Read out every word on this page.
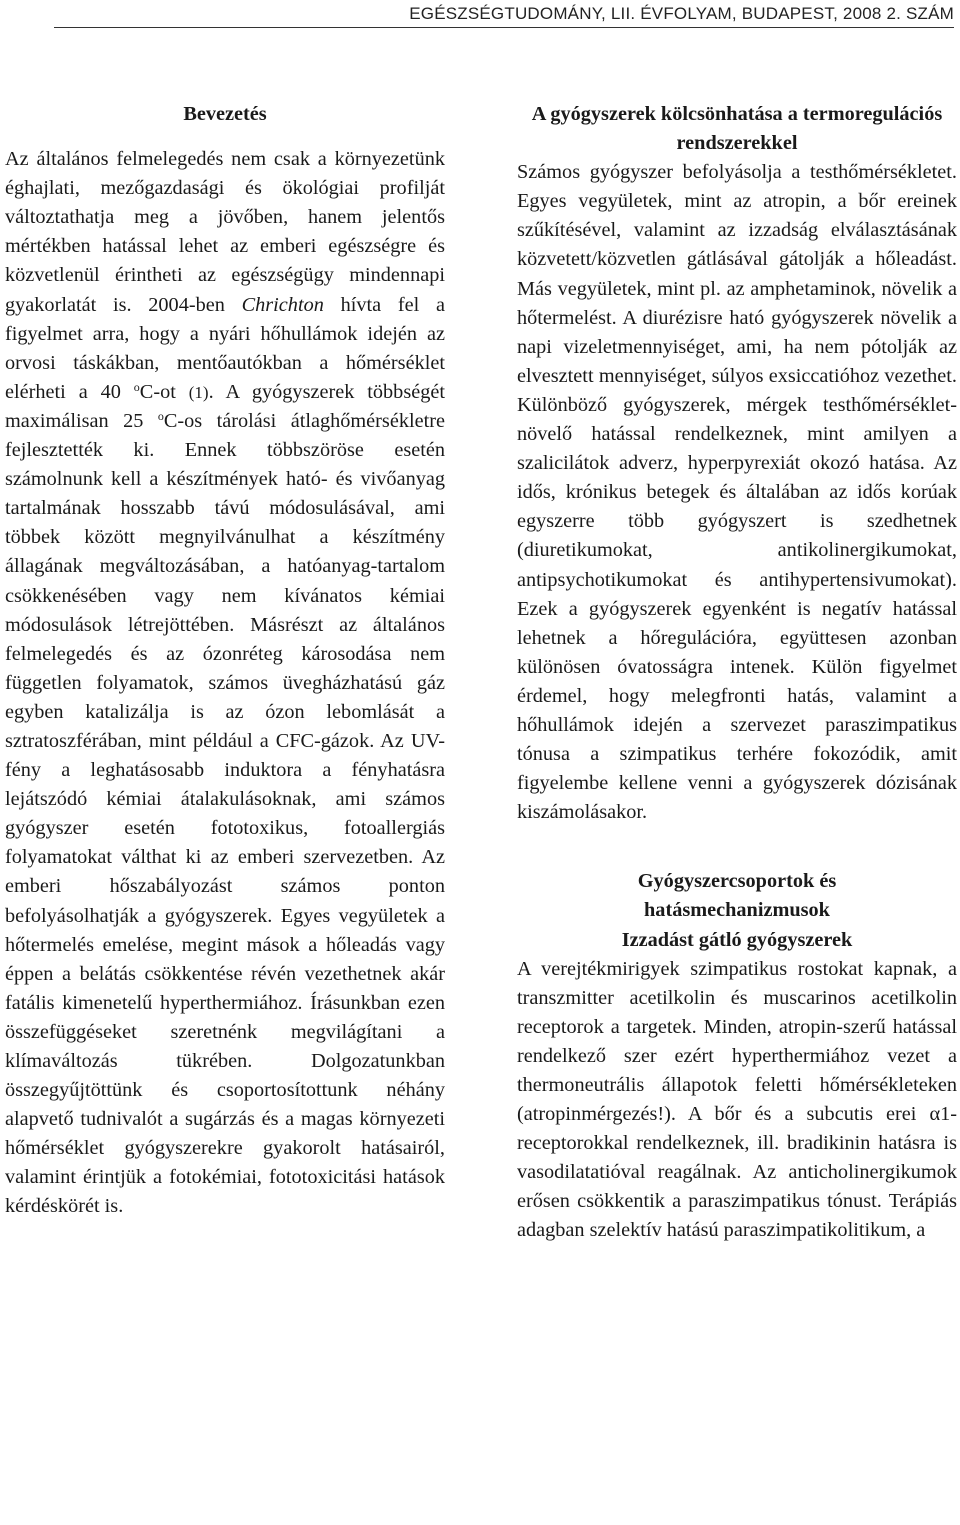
EGÉSZSÉGTUDOMÁNY, LII. ÉVFOLYAM, BUDAPEST, 2008 2. SZÁM
Bevezetés

Az általános felmelegedés nem csak a környezetünk éghajlati, mezőgazdasági és ökológiai profilját változtathatja meg a jövőben, hanem jelentős mértékben hatással lehet az emberi egészségre és közvetlenül érintheti az egészségügy mindennapi gyakorlatát is. 2004-ben Chrichton hívta fel a figyelmet arra, hogy a nyári hőhullámok idején az orvosi táskákban, mentőautókban a hőmérséklet elérheti a 40 $^o$C-ot (1). A gyógyszerek többségét maximálisan 25 $^o$C-os tárolási átlaghőmérsékletre fejlesztették ki. Ennek többszöröse esetén számolnunk kell a készítmények ható- és vivőanyag tartalmának hosszabb távú módosulásával, ami többek között megnyilvánulhat a készítmény állagának megváltozásában, a hatóanyag-tartalom csökkenésében vagy nem kívánatos kémiai módosulások létrejöttében. Másrészt az általános felmelegedés és az ózonréteg károsodása nem független folyamatok, számos üvegházhatású gáz egyben katalizálja is az ózon lebomlását a sztratoszférában, mint például a CFC-gázok. Az UV-fény a leghatásosabb induktora a fényhatásra lejátszódó kémiai átalakulásoknak, ami számos gyógyszer esetén fototoxikus, fotoallergiás folyamatokat válthat ki az emberi szervezetben. Az emberi hőszabályozást számos ponton befolyásolhatják a gyógyszerek. Egyes vegyületek a hőtermelés emelése, megint mások a hőleadás vagy éppen a belátás csökkentése révén vezethetnek akár fatális kimenetelű hyperthermiához. Írásunkban ezen összefüggéseket szeretnénk megvilágítani a klímaváltozás tükrében. Dolgozatunkban összegyűjtöttünk és csoportosítottunk néhány alapvető tudnivalót a sugárzás és a magas környezeti hőmérséklet gyógyszerekre gyakorolt hatásairól, valamint érintjük a fotokémiai, fototoxicitási hatások kérdéskörét is.

A gyógyszerek kölcsönhatása a termoregulációs rendszerekkel

Számos gyógyszer befolyásolja a testhőmérsékletet. Egyes vegyületek, mint az atropin, a bőr ereinek szűkítésével, valamint az izzadság elválasztásának közvetett/közvetlen gátlásával gátolják a hőleadást. Más vegyületek, mint pl. az amphetaminok, növelik a hőtermelést. A diurézisre ható gyógyszerek növelik a napi vizeletmennyiséget, ami, ha nem pótolják az elvesztett mennyiséget, súlyos exsiccatióhoz vezethet. Különböző gyógyszerek, mérgek testhőmérséklet-növelő hatással rendelkeznek, mint amilyen a szalicilátok adverz, hyperpyrexiát okozó hatása. Az idős, krónikus betegek és általában az idős korúak egyszerre több gyógyszert is szedhetnek (diuretikumokat, antikolinergikumokat, antipsychotikumokat és antihypertensivumokat). Ezek a gyógyszerek egyenként is negatív hatással lehetnek a hőregulációra, együttesen azonban különösen óvatosságra intenek. Külön figyelmet érdemel, hogy melegfronti hatás, valamint a hőhullámok idején a szervezet paraszimpatikus tónusa a szimpatikus terhére fokozódik, amit figyelembe kellene venni a gyógyszerek dózisának kiszámolásakor.

Gyógyszercsoportok és
hatásmechanizmusok
Izzadást gátló gyógyszerek

A verejtékmirigyek szimpatikus rostokat kapnak, a transzmitter acetilkolin és muscarinos acetilkolin receptorok a targetek. Minden, atropin-szerű hatással rendelkező szer ezért hyperthermiához vezet a thermoneutrális állapotok feletti hőmérsékleteken (atropinmérgezés!). A bőr és a subcutis erei α1-receptorokkal rendelkeznek, ill. bradikinin hatásra is vasodilatatióval reagálnak. Az anticholinergikumok erősen csökkentik a paraszimpatikus tónust. Terápiás adagban szelektív hatású paraszimpatikolitikum, a
